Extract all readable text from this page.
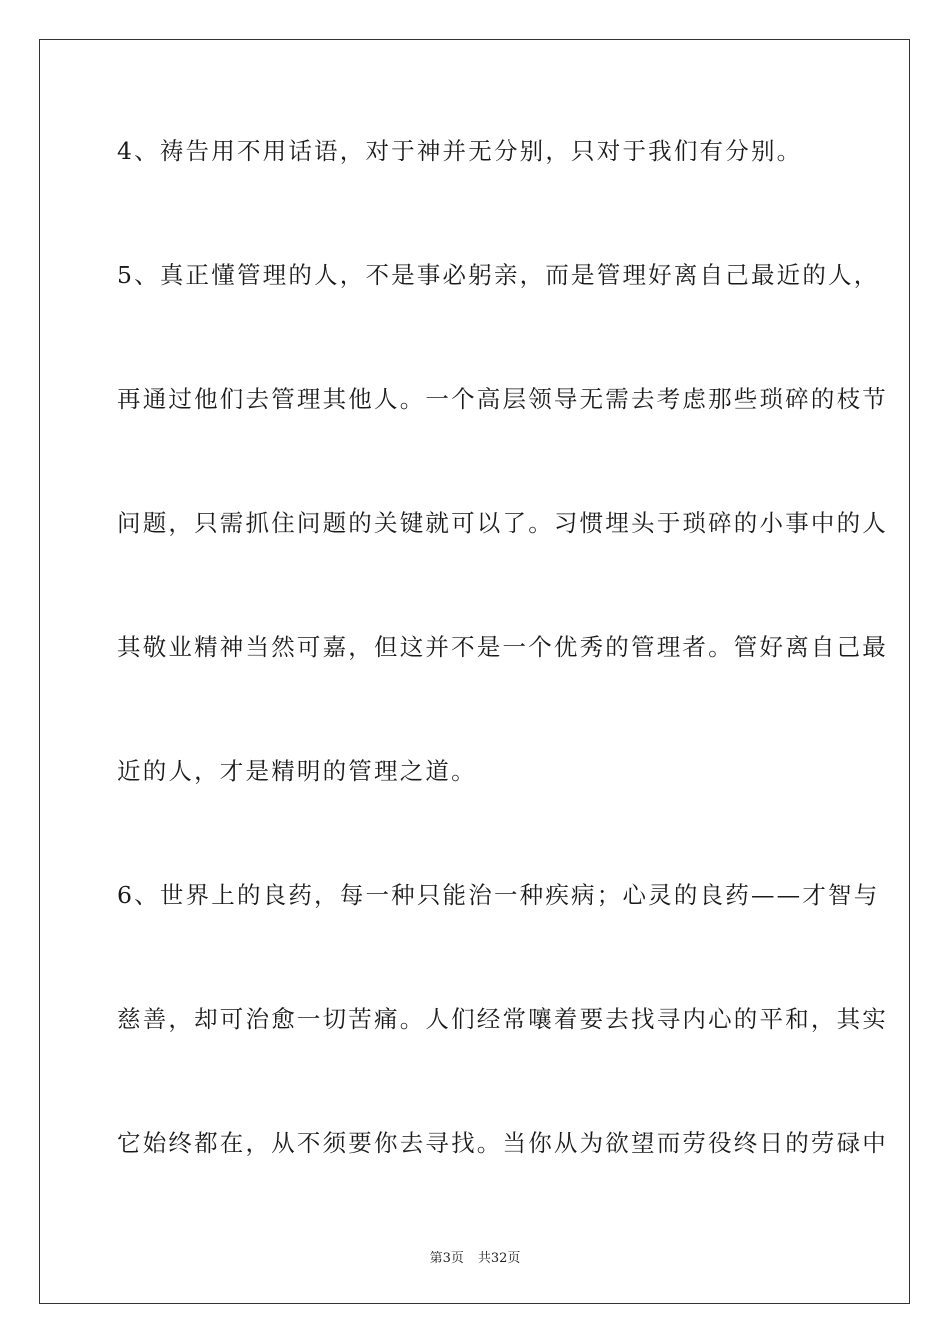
4、祷告用不用话语，对于神并无分别，只对于我们有分别。
5、真正懂管理的人，不是事必躬亲，而是管理好离自己最近的人，
再通过他们去管理其他人。一个高层领导无需去考虑那些琐碎的枝节
问题，只需抓住问题的关键就可以了。习惯埋头于琐碎的小事中的人
其敬业精神当然可嘉，但这并不是一个优秀的管理者。管好离自己最
近的人，才是精明的管理之道。
6、世界上的良药，每一种只能治一种疾病；心灵的良药——才智与
慈善，却可治愈一切苦痛。人们经常嚷着要去找寻内心的平和，其实
它始终都在，从不须要你去寻找。当你从为欲望而劳役终日的劳碌中
第3页 共32页
